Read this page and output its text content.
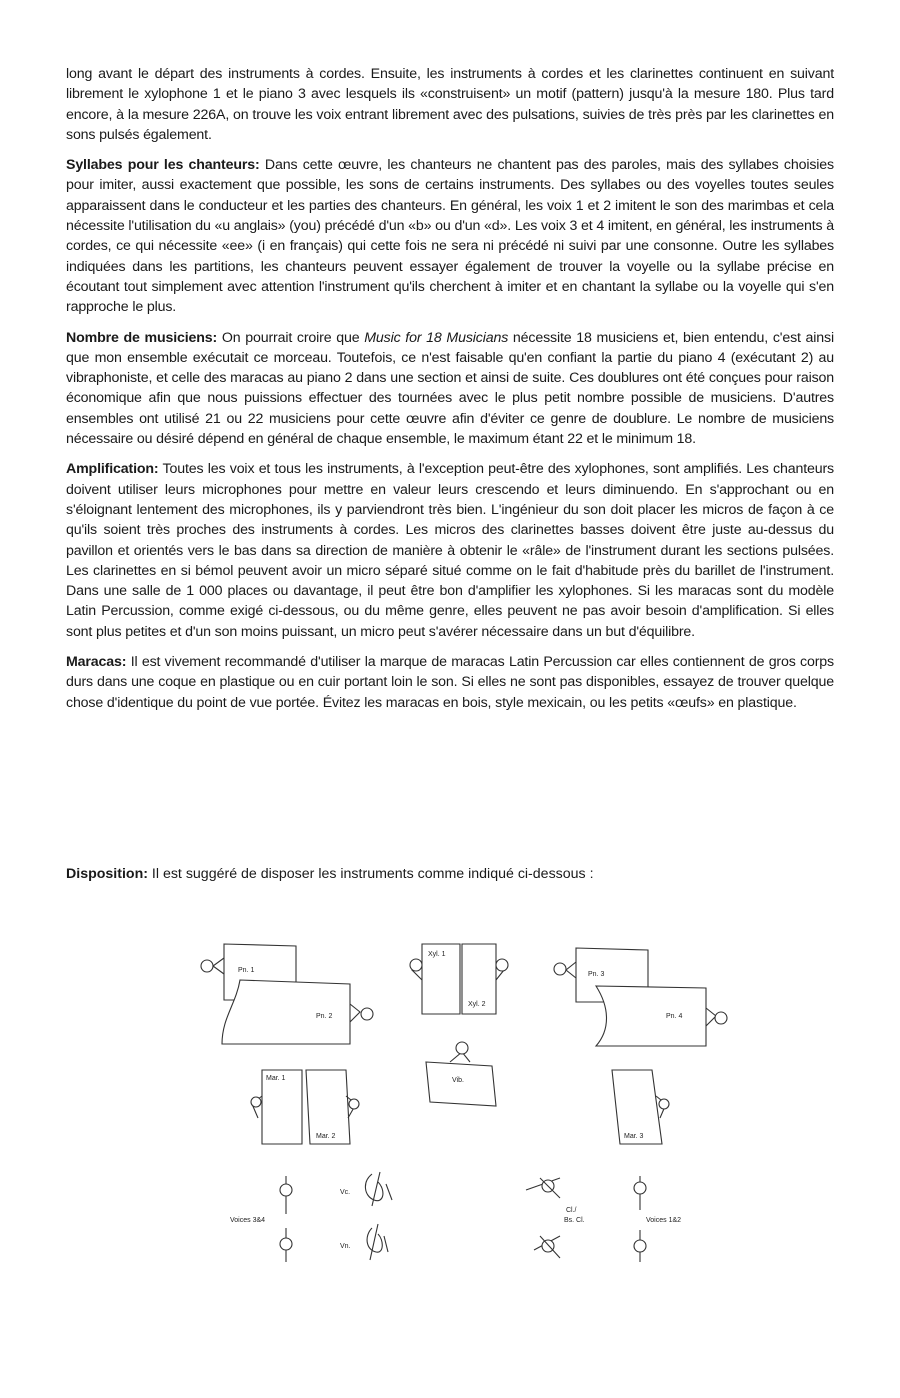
long avant le départ des instruments à cordes. Ensuite, les instruments à cordes et les clarinettes continuent en suivant librement le xylophone 1 et le piano 3 avec lesquels ils «construisent» un motif (pattern) jusqu'à la mesure 180. Plus tard encore, à la mesure 226A, on trouve les voix entrant librement avec des pulsations, suivies de très près par les clarinettes en sons pulsés également.

Syllabes pour les chanteurs: Dans cette œuvre, les chanteurs ne chantent pas des paroles, mais des syllabes choisies pour imiter, aussi exactement que possible, les sons de certains instruments. Des syllabes ou des voyelles toutes seules apparaissent dans le conducteur et les parties des chanteurs. En général, les voix 1 et 2 imitent le son des marimbas et cela nécessite l'utilisation du «u anglais» (you) précédé d'un «b» ou d'un «d». Les voix 3 et 4 imitent, en général, les instruments à cordes, ce qui nécessite «ee» (i en français) qui cette fois ne sera ni précédé ni suivi par une consonne. Outre les syllabes indiquées dans les partitions, les chanteurs peuvent essayer également de trouver la voyelle ou la syllabe précise en écoutant tout simplement avec attention l'instrument qu'ils cherchent à imiter et en chantant la syllabe ou la voyelle qui s'en rapproche le plus.

Nombre de musiciens: On pourrait croire que Music for 18 Musicians nécessite 18 musiciens et, bien entendu, c'est ainsi que mon ensemble exécutait ce morceau. Toutefois, ce n'est faisable qu'en confiant la partie du piano 4 (exécutant 2) au vibraphoniste, et celle des maracas au piano 2 dans une section et ainsi de suite. Ces doublures ont été conçues pour raison économique afin que nous puissions effectuer des tournées avec le plus petit nombre possible de musiciens. D'autres ensembles ont utilisé 21 ou 22 musiciens pour cette œuvre afin d'éviter ce genre de doublure. Le nombre de musiciens nécessaire ou désiré dépend en général de chaque ensemble, le maximum étant 22 et le minimum 18.

Amplification: Toutes les voix et tous les instruments, à l'exception peut-être des xylophones, sont amplifiés. Les chanteurs doivent utiliser leurs microphones pour mettre en valeur leurs crescendo et leurs diminuendo. En s'approchant ou en s'éloignant lentement des microphones, ils y parviendront très bien. L'ingénieur du son doit placer les micros de façon à ce qu'ils soient très proches des instruments à cordes. Les micros des clarinettes basses doivent être juste au-dessus du pavillon et orientés vers le bas dans sa direction de manière à obtenir le «râle» de l'instrument durant les sections pulsées. Les clarinettes en si bémol peuvent avoir un micro séparé situé comme on le fait d'habitude près du barillet de l'instrument. Dans une salle de 1 000 places ou davantage, il peut être bon d'amplifier les xylophones. Si les maracas sont du modèle Latin Percussion, comme exigé ci-dessous, ou du même genre, elles peuvent ne pas avoir besoin d'amplification. Si elles sont plus petites et d'un son moins puissant, un micro peut s'avérer nécessaire dans un but d'équilibre.

Maracas: Il est vivement recommandé d'utiliser la marque de maracas Latin Percussion car elles contiennent de gros corps durs dans une coque en plastique ou en cuir portant loin le son. Si elles ne sont pas disponibles, essayez de trouver quelque chose d'identique du point de vue portée. Évitez les maracas en bois, style mexicain, ou les petits «œufs» en plastique.

Disposition: Il est suggéré de disposer les instruments comme indiqué ci-dessous :
Pn. 1
Pn. 2
Xyl. 1
Xyl. 2
Pn. 3
Pn. 4
Vib.
Mar. 1
Mar. 2	Mar. 3
Voices 3&4
Vc.
Vn.
Cl./
Bs. Cl.	Voices 1&2
